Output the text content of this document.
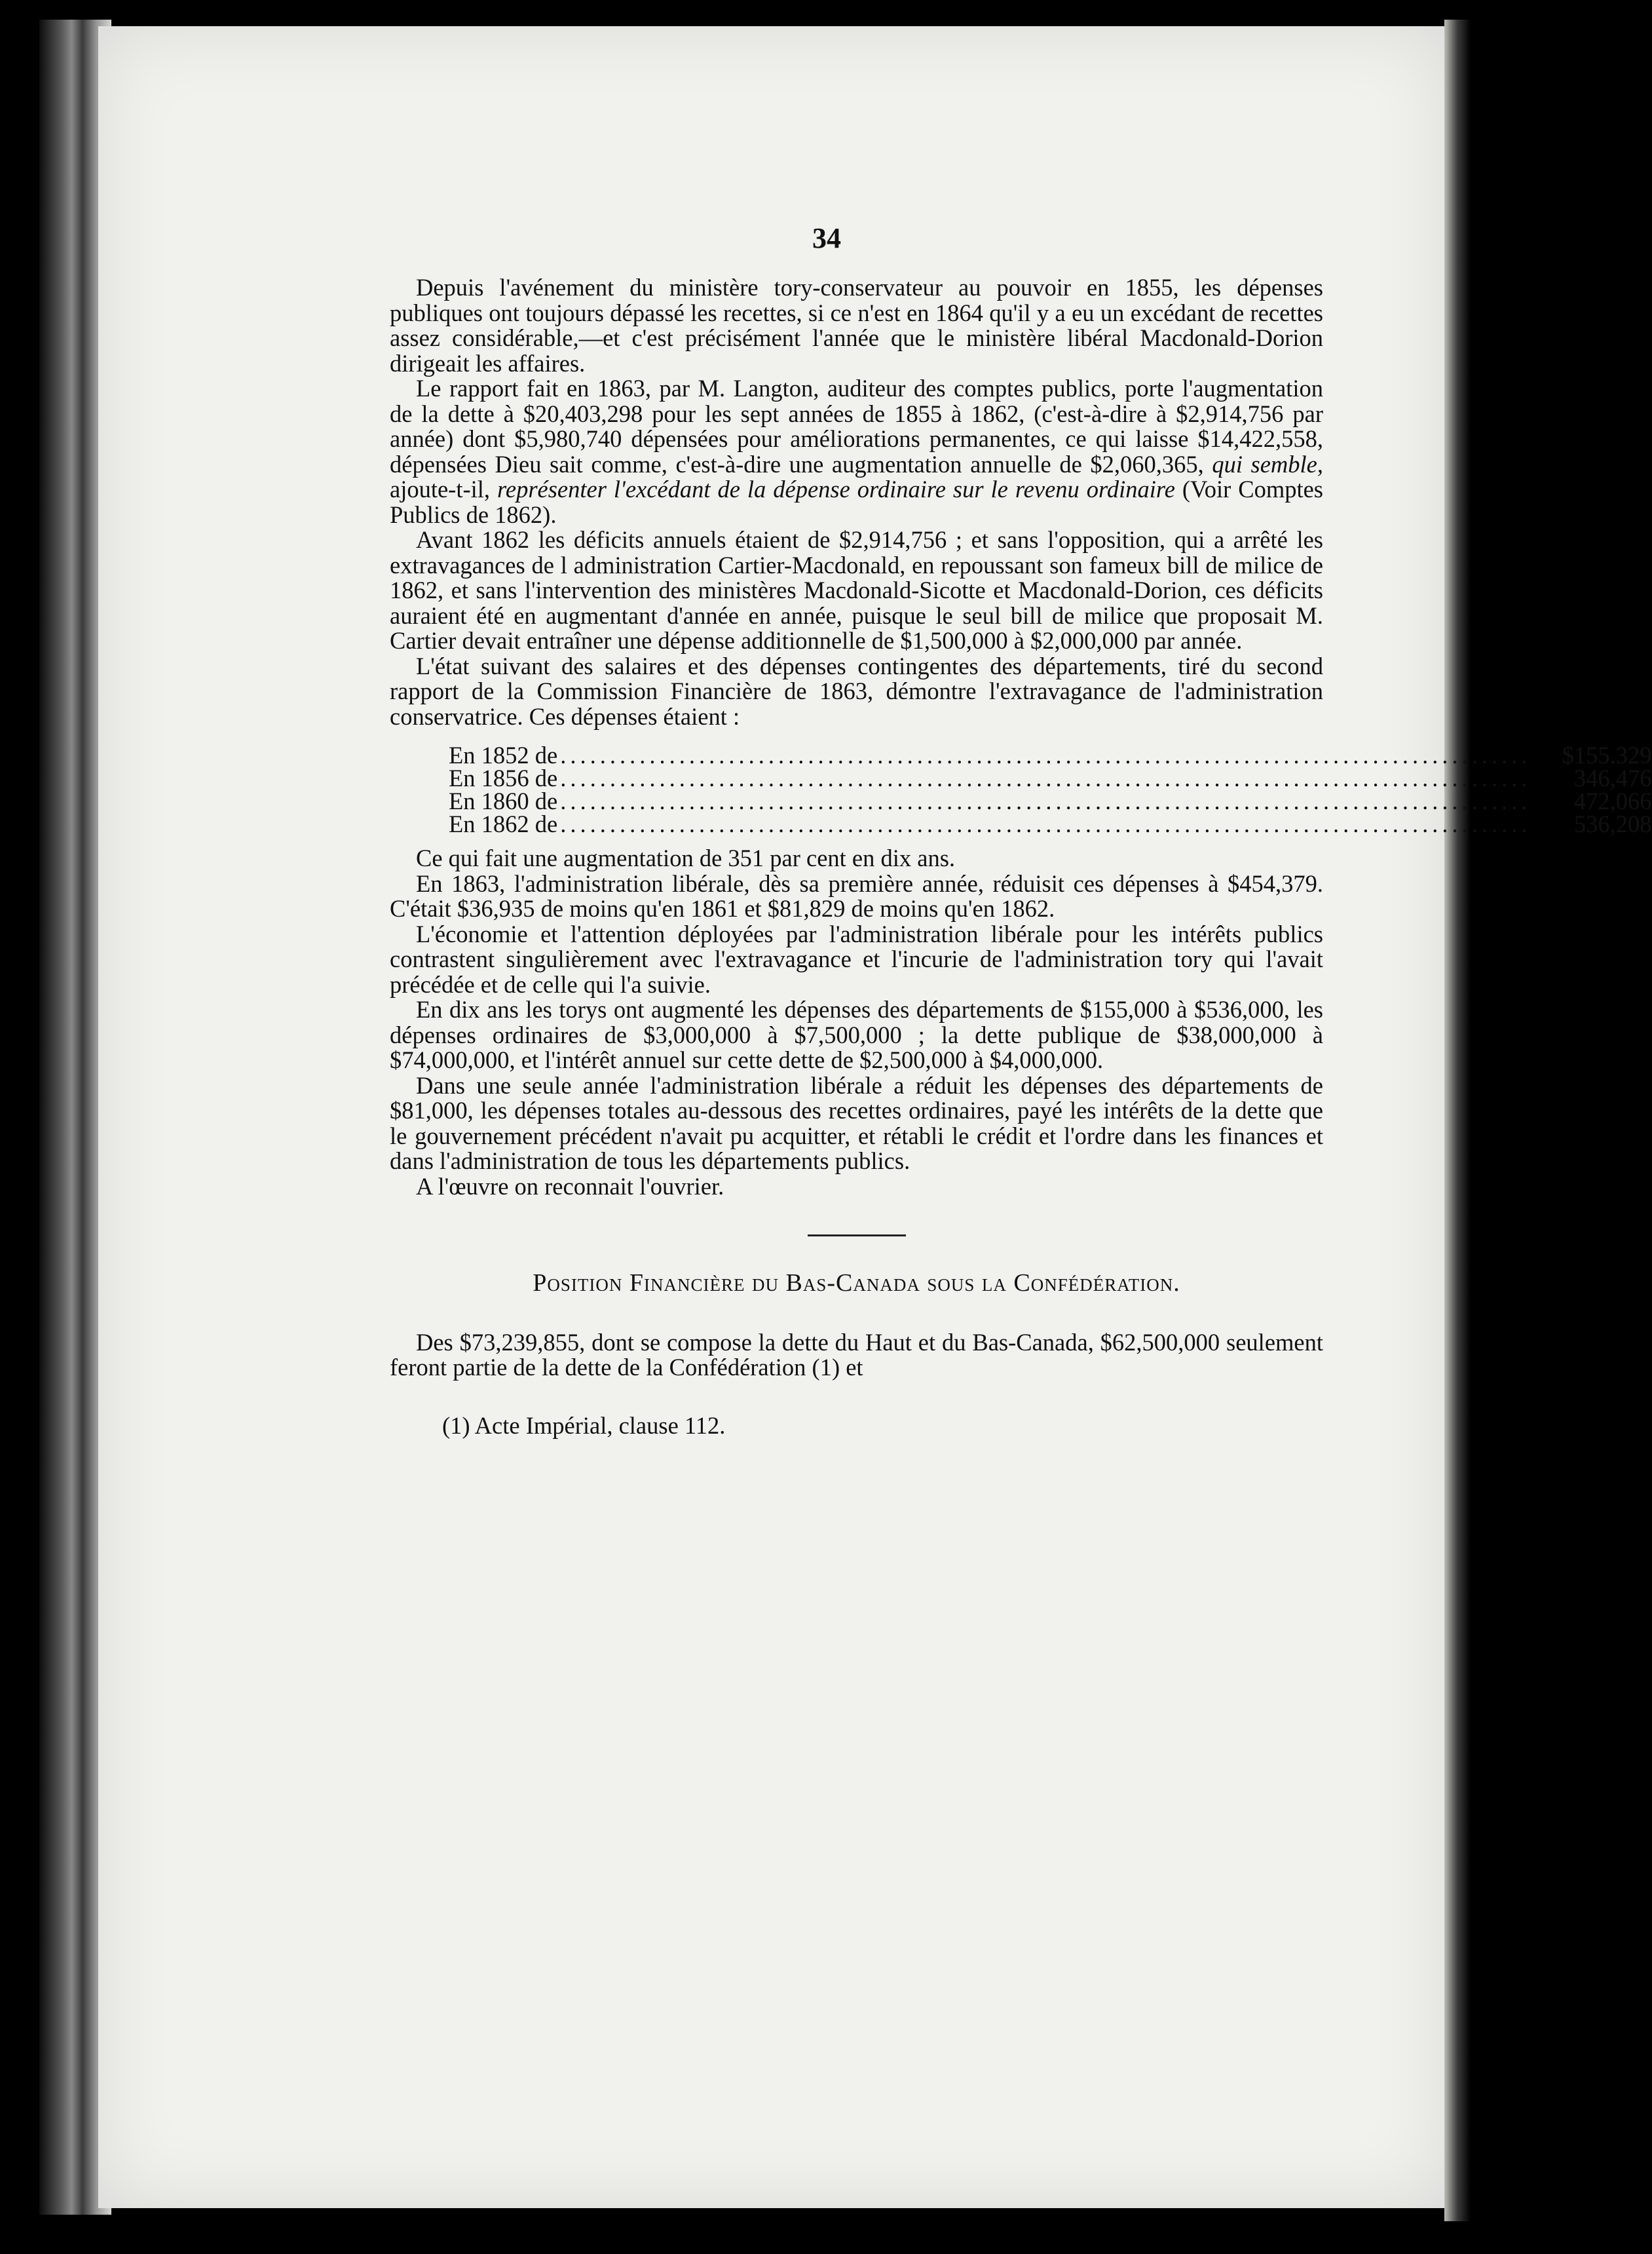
34

Depuis l'avénement du ministère tory-conservateur au pouvoir en 1855, les dépenses publiques ont toujours dépassé les recettes, si ce n'est en 1864 qu'il y a eu un excédant de recettes assez considérable,—et c'est précisément l'année que le ministère libéral Macdonald-Dorion dirigeait les affaires.

Le rapport fait en 1863, par M. Langton, auditeur des comptes publics, porte l'augmentation de la dette à $20,403,298 pour les sept années de 1855 à 1862, (c'est-à-dire à $2,914,756 par année) dont $5,980,740 dépensées pour améliorations permanentes, ce qui laisse $14,422,558, dépensées Dieu sait comme, c'est-à-dire une augmentation annuelle de $2,060,365, qui semble, ajoute-t-il, représenter l'excédant de la dépense ordinaire sur le revenu ordinaire (Voir Comptes Publics de 1862).

Avant 1862 les déficits annuels étaient de $2,914,756 ; et sans l'opposition, qui a arrêté les extravagances de l administration Cartier-Macdonald, en repoussant son fameux bill de milice de 1862, et sans l'intervention des ministères Macdonald-Sicotte et Macdonald-Dorion, ces déficits auraient été en augmentant d'année en année, puisque le seul bill de milice que proposait M. Cartier devait entraîner une dépense additionnelle de $1,500,000 à $2,000,000 par année.

L'état suivant des salaires et des dépenses contingentes des départements, tiré du second rapport de la Commission Financière de 1863, démontre l'extravagance de l'administration conservatrice. Ces dépenses étaient :

En 1852 de ..................................................................................................	$155.329
En 1856 de ..................................................................................................	346,476
En 1860 de ..................................................................................................	472,066
En 1862 de ..................................................................................................	536,208

Ce qui fait une augmentation de 351 par cent en dix ans.

En 1863, l'administration libérale, dès sa première année, réduisit ces dépenses à $454,379. C'était $36,935 de moins qu'en 1861 et $81,829 de moins qu'en 1862.

L'économie et l'attention déployées par l'administration libérale pour les intérêts publics contrastent singulièrement avec l'extravagance et l'incurie de l'administration tory qui l'avait précédée et de celle qui l'a suivie.

En dix ans les torys ont augmenté les dépenses des départements de $155,000 à $536,000, les dépenses ordinaires de $3,000,000 à $7,500,000 ; la dette publique de $38,000,000 à $74,000,000, et l'intérêt annuel sur cette dette de $2,500,000 à $4,000,000.

Dans une seule année l'administration libérale a réduit les dépenses des départements de $81,000, les dépenses totales au-dessous des recettes ordinaires, payé les intérêts de la dette que le gouvernement précédent n'avait pu acquitter, et rétabli le crédit et l'ordre dans les finances et dans l'administration de tous les départements publics.

A l'œuvre on reconnait l'ouvrier.

Position Financière du Bas-Canada sous la Confédération.

Des $73,239,855, dont se compose la dette du Haut et du Bas-Canada, $62,500,000 seulement feront partie de la dette de la Confédération (1) et

(1) Acte Impérial, clause 112.
